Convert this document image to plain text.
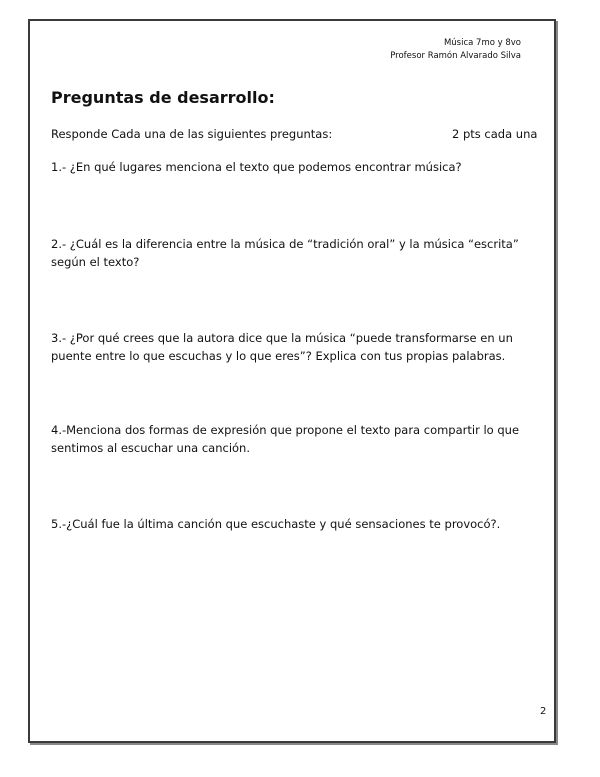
Música 7mo y 8vo
Profesor Ramón Alvarado Silva
Preguntas de desarrollo:
Responde Cada una de las siguientes preguntas:	2 pts cada una

1.- ¿En qué lugares menciona el texto que podemos encontrar música?

2.- ¿Cuál es la diferencia entre la música de “tradición oral” y la música “escrita” según el texto?

3.- ¿Por qué crees que la autora dice que la música “puede transformarse en un puente entre lo que escuchas y lo que eres”? Explica con tus propias palabras.

4.-Menciona dos formas de expresión que propone el texto para compartir lo que sentimos al escuchar una canción.

5.-¿Cuál fue la última canción que escuchaste y qué sensaciones te provocó?.

2
